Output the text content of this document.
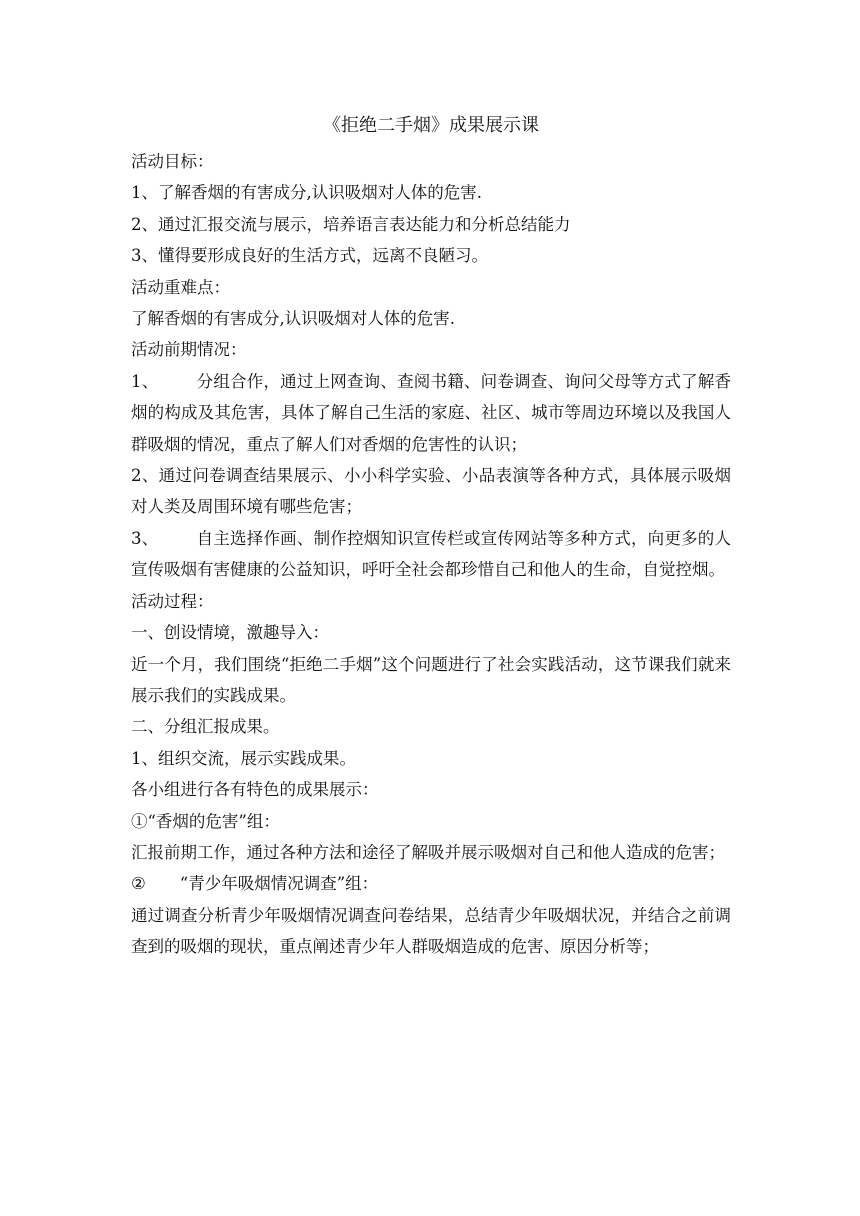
《拒绝二手烟》成果展示课

活动目标：

1、了解香烟的有害成分,认识吸烟对人体的危害.

2、通过汇报交流与展示，培养语言表达能力和分析总结能力

3、懂得要形成良好的生活方式，远离不良陋习。

活动重难点：

了解香烟的有害成分,认识吸烟对人体的危害.

活动前期情况：

1、 分组合作，通过上网查询、查阅书籍、问卷调查、询问父母等方式了解香烟的构成及其危害，具体了解自己生活的家庭、社区、城市等周边环境以及我国人群吸烟的情况，重点了解人们对香烟的危害性的认识；

2、通过问卷调查结果展示、小小科学实验、小品表演等各种方式，具体展示吸烟对人类及周围环境有哪些危害；

3、 自主选择作画、制作控烟知识宣传栏或宣传网站等多种方式，向更多的人宣传吸烟有害健康的公益知识，呼吁全社会都珍惜自己和他人的生命，自觉控烟。

活动过程：

一、创设情境，激趣导入：

近一个月，我们围绕“拒绝二手烟”这个问题进行了社会实践活动，这节课我们就来展示我们的实践成果。

二、分组汇报成果。

1、组织交流，展示实践成果。

各小组进行各有特色的成果展示：

①“香烟的危害”组：

汇报前期工作，通过各种方法和途径了解吸并展示吸烟对自己和他人造成的危害；

② “青少年吸烟情况调查”组：

通过调查分析青少年吸烟情况调查问卷结果，总结青少年吸烟状况，并结合之前调查到的吸烟的现状，重点阐述青少年人群吸烟造成的危害、原因分析等；
